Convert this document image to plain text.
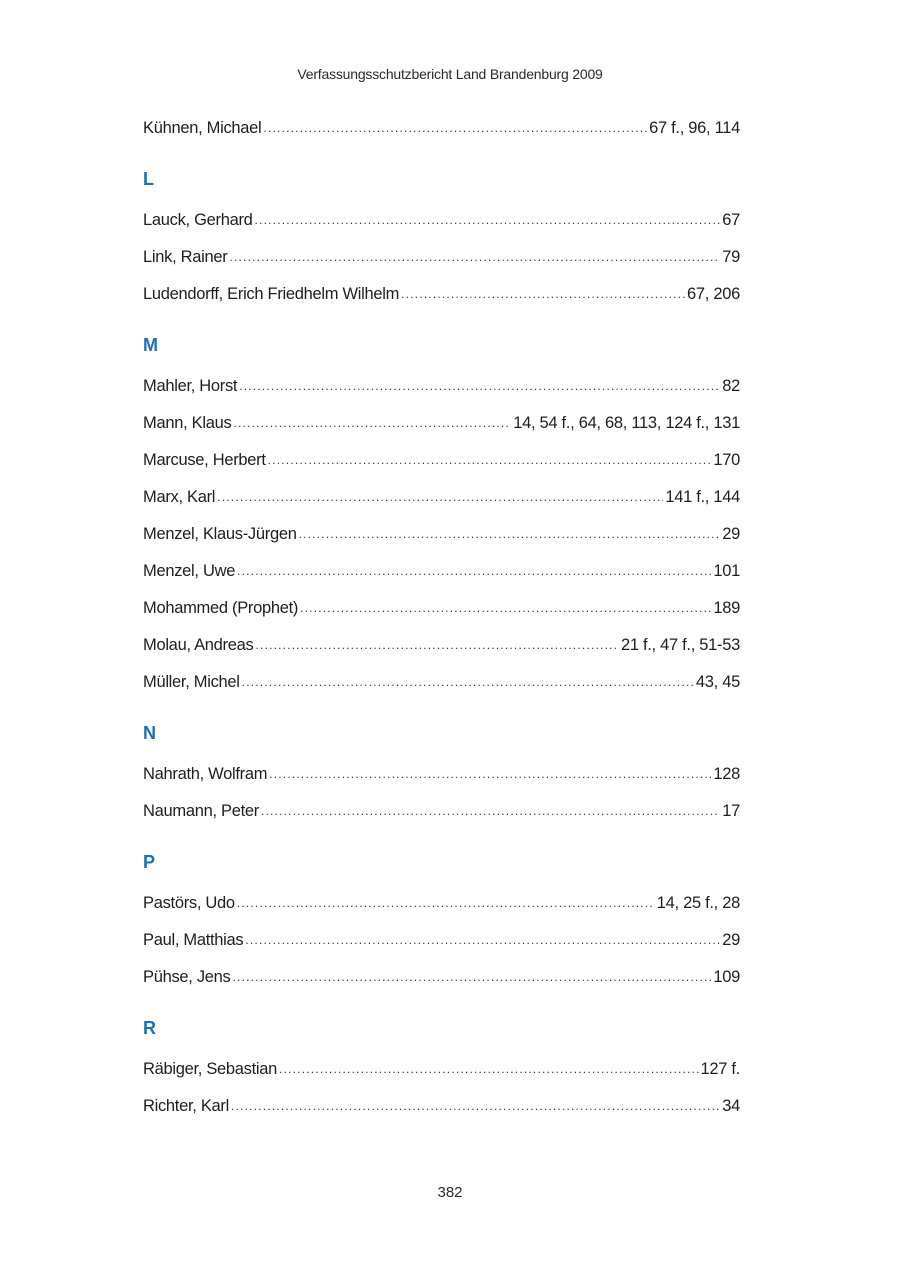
Verfassungsschutzbericht Land Brandenburg 2009
Kühnen, Michael .....	67 f., 96, 114
L
Lauck, Gerhard .....	67
Link, Rainer .....	79
Ludendorff, Erich Friedhelm Wilhelm .....	67, 206
M
Mahler, Horst .....	82
Mann, Klaus .....	14, 54 f., 64, 68, 113, 124 f., 131
Marcuse, Herbert .....	170
Marx, Karl .....	141 f., 144
Menzel, Klaus-Jürgen .....	29
Menzel, Uwe .....	101
Mohammed (Prophet) .....	189
Molau, Andreas .....	21 f., 47 f., 51-53
Müller, Michel .....	43, 45
N
Nahrath, Wolfram .....	128
Naumann, Peter .....	17
P
Pastörs, Udo .....	14, 25 f., 28
Paul, Matthias .....	29
Pühse, Jens .....	109
R
Räbiger, Sebastian .....	127 f.
Richter, Karl .....	34
382
